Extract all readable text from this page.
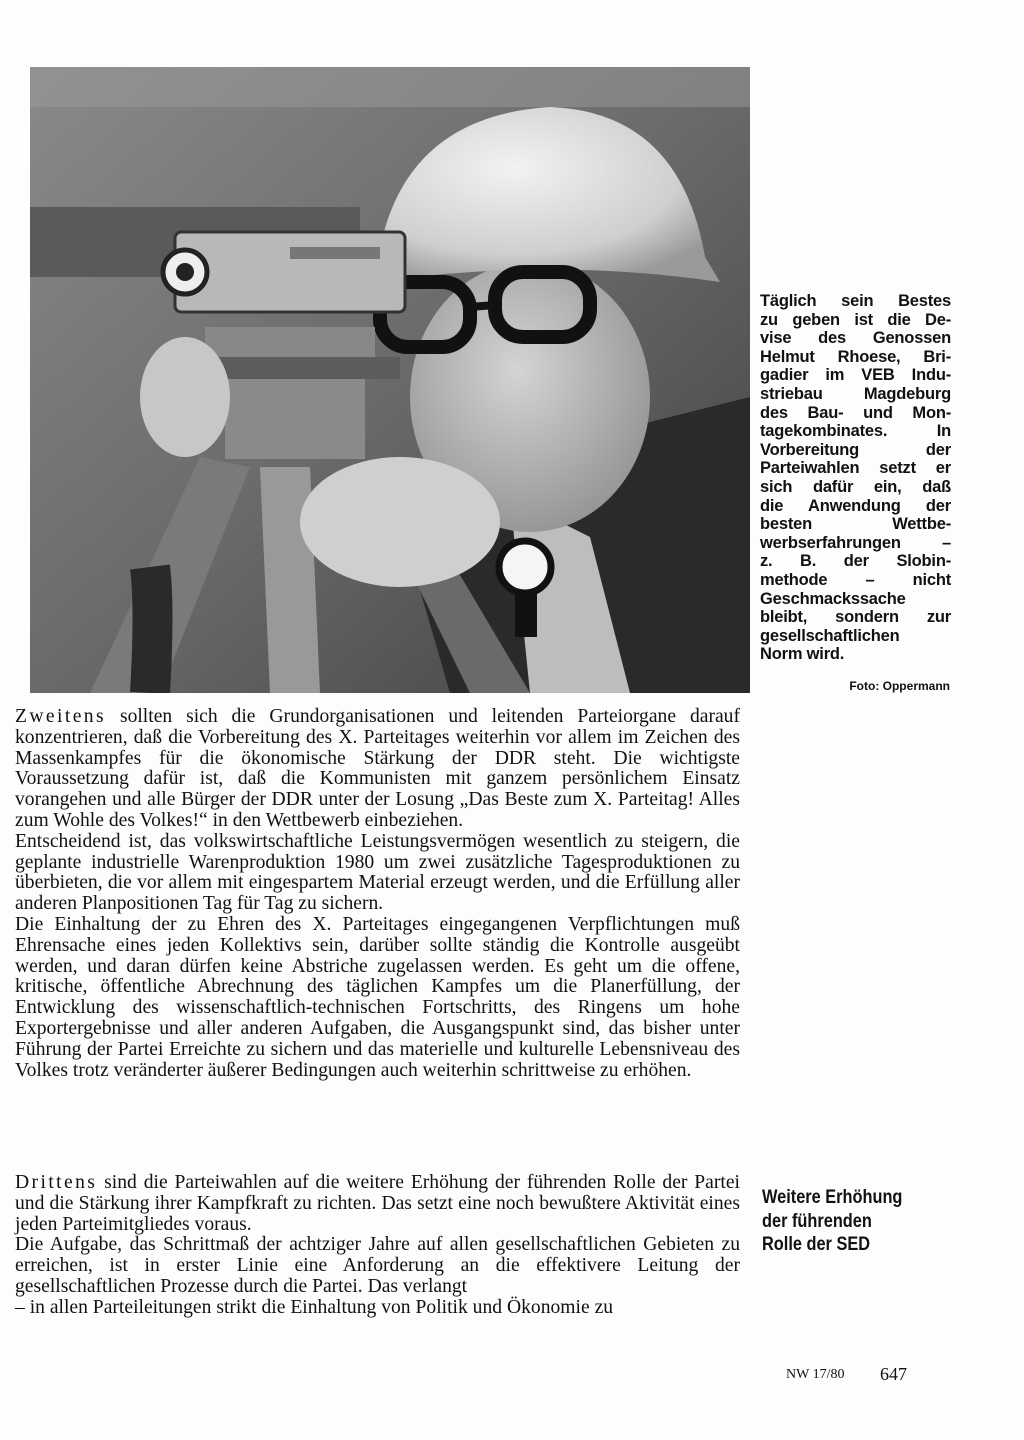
Täglich sein Bestes
zu geben ist die De-
vise des Genossen
Helmut Rhoese, Bri-
gadier im VEB Indu-
striebau Magdeburg
des Bau- und Mon-
tagekombinates. In
Vorbereitung der
Parteiwahlen setzt er
sich dafür ein, daß
die Anwendung der
besten Wettbe-
werbserfahrungen –
z. B. der Slobin-
methode – nicht
Geschmackssache
bleibt, sondern zur
gesellschaftlichen
Norm wird.
Foto: Oppermann

Zweitens sollten sich die Grundorganisationen und leitenden Parteiorgane darauf konzentrieren, daß die Vorbereitung des X. Parteitages weiterhin vor allem im Zeichen des Massenkampfes für die ökonomische Stärkung der DDR steht. Die wichtigste Voraussetzung dafür ist, daß die Kommunisten mit ganzem persönlichem Einsatz vorangehen und alle Bürger der DDR unter der Losung „Das Beste zum X. Parteitag! Alles zum Wohle des Volkes!“ in den Wettbewerb einbeziehen.

Entscheidend ist, das volkswirtschaftliche Leistungsvermögen wesentlich zu steigern, die geplante industrielle Warenproduktion 1980 um zwei zusätzliche Tagesproduktionen zu überbieten, die vor allem mit eingespartem Material erzeugt werden, und die Erfüllung aller anderen Planpositionen Tag für Tag zu sichern.

Die Einhaltung der zu Ehren des X. Parteitages eingegangenen Verpflichtungen muß Ehrensache eines jeden Kollektivs sein, darüber sollte ständig die Kontrolle ausgeübt werden, und daran dürfen keine Abstriche zugelassen werden. Es geht um die offene, kritische, öffentliche Abrechnung des täglichen Kampfes um die Planerfüllung, der Entwicklung des wissenschaftlich-technischen Fortschritts, des Ringens um hohe Exportergebnisse und aller anderen Aufgaben, die Ausgangspunkt sind, das bisher unter Führung der Partei Erreichte zu sichern und das materielle und kulturelle Lebensniveau des Volkes trotz veränderter äußerer Bedingungen auch weiterhin schrittweise zu erhöhen.

Drittens sind die Parteiwahlen auf die weitere Erhöhung der führenden Rolle der Partei und die Stärkung ihrer Kampfkraft zu richten. Das setzt eine noch bewußtere Aktivität eines jeden Parteimitgliedes voraus.

Die Aufgabe, das Schrittmaß der achtziger Jahre auf allen gesellschaftlichen Gebieten zu erreichen, ist in erster Linie eine Anforderung an die effektivere Leitung der gesellschaftlichen Prozesse durch die Partei. Das verlangt

– in allen Parteileitungen strikt die Einhaltung von Politik und Ökonomie zu

Weitere Erhöhung
der führenden
Rolle der SED
NW 17/80 647
